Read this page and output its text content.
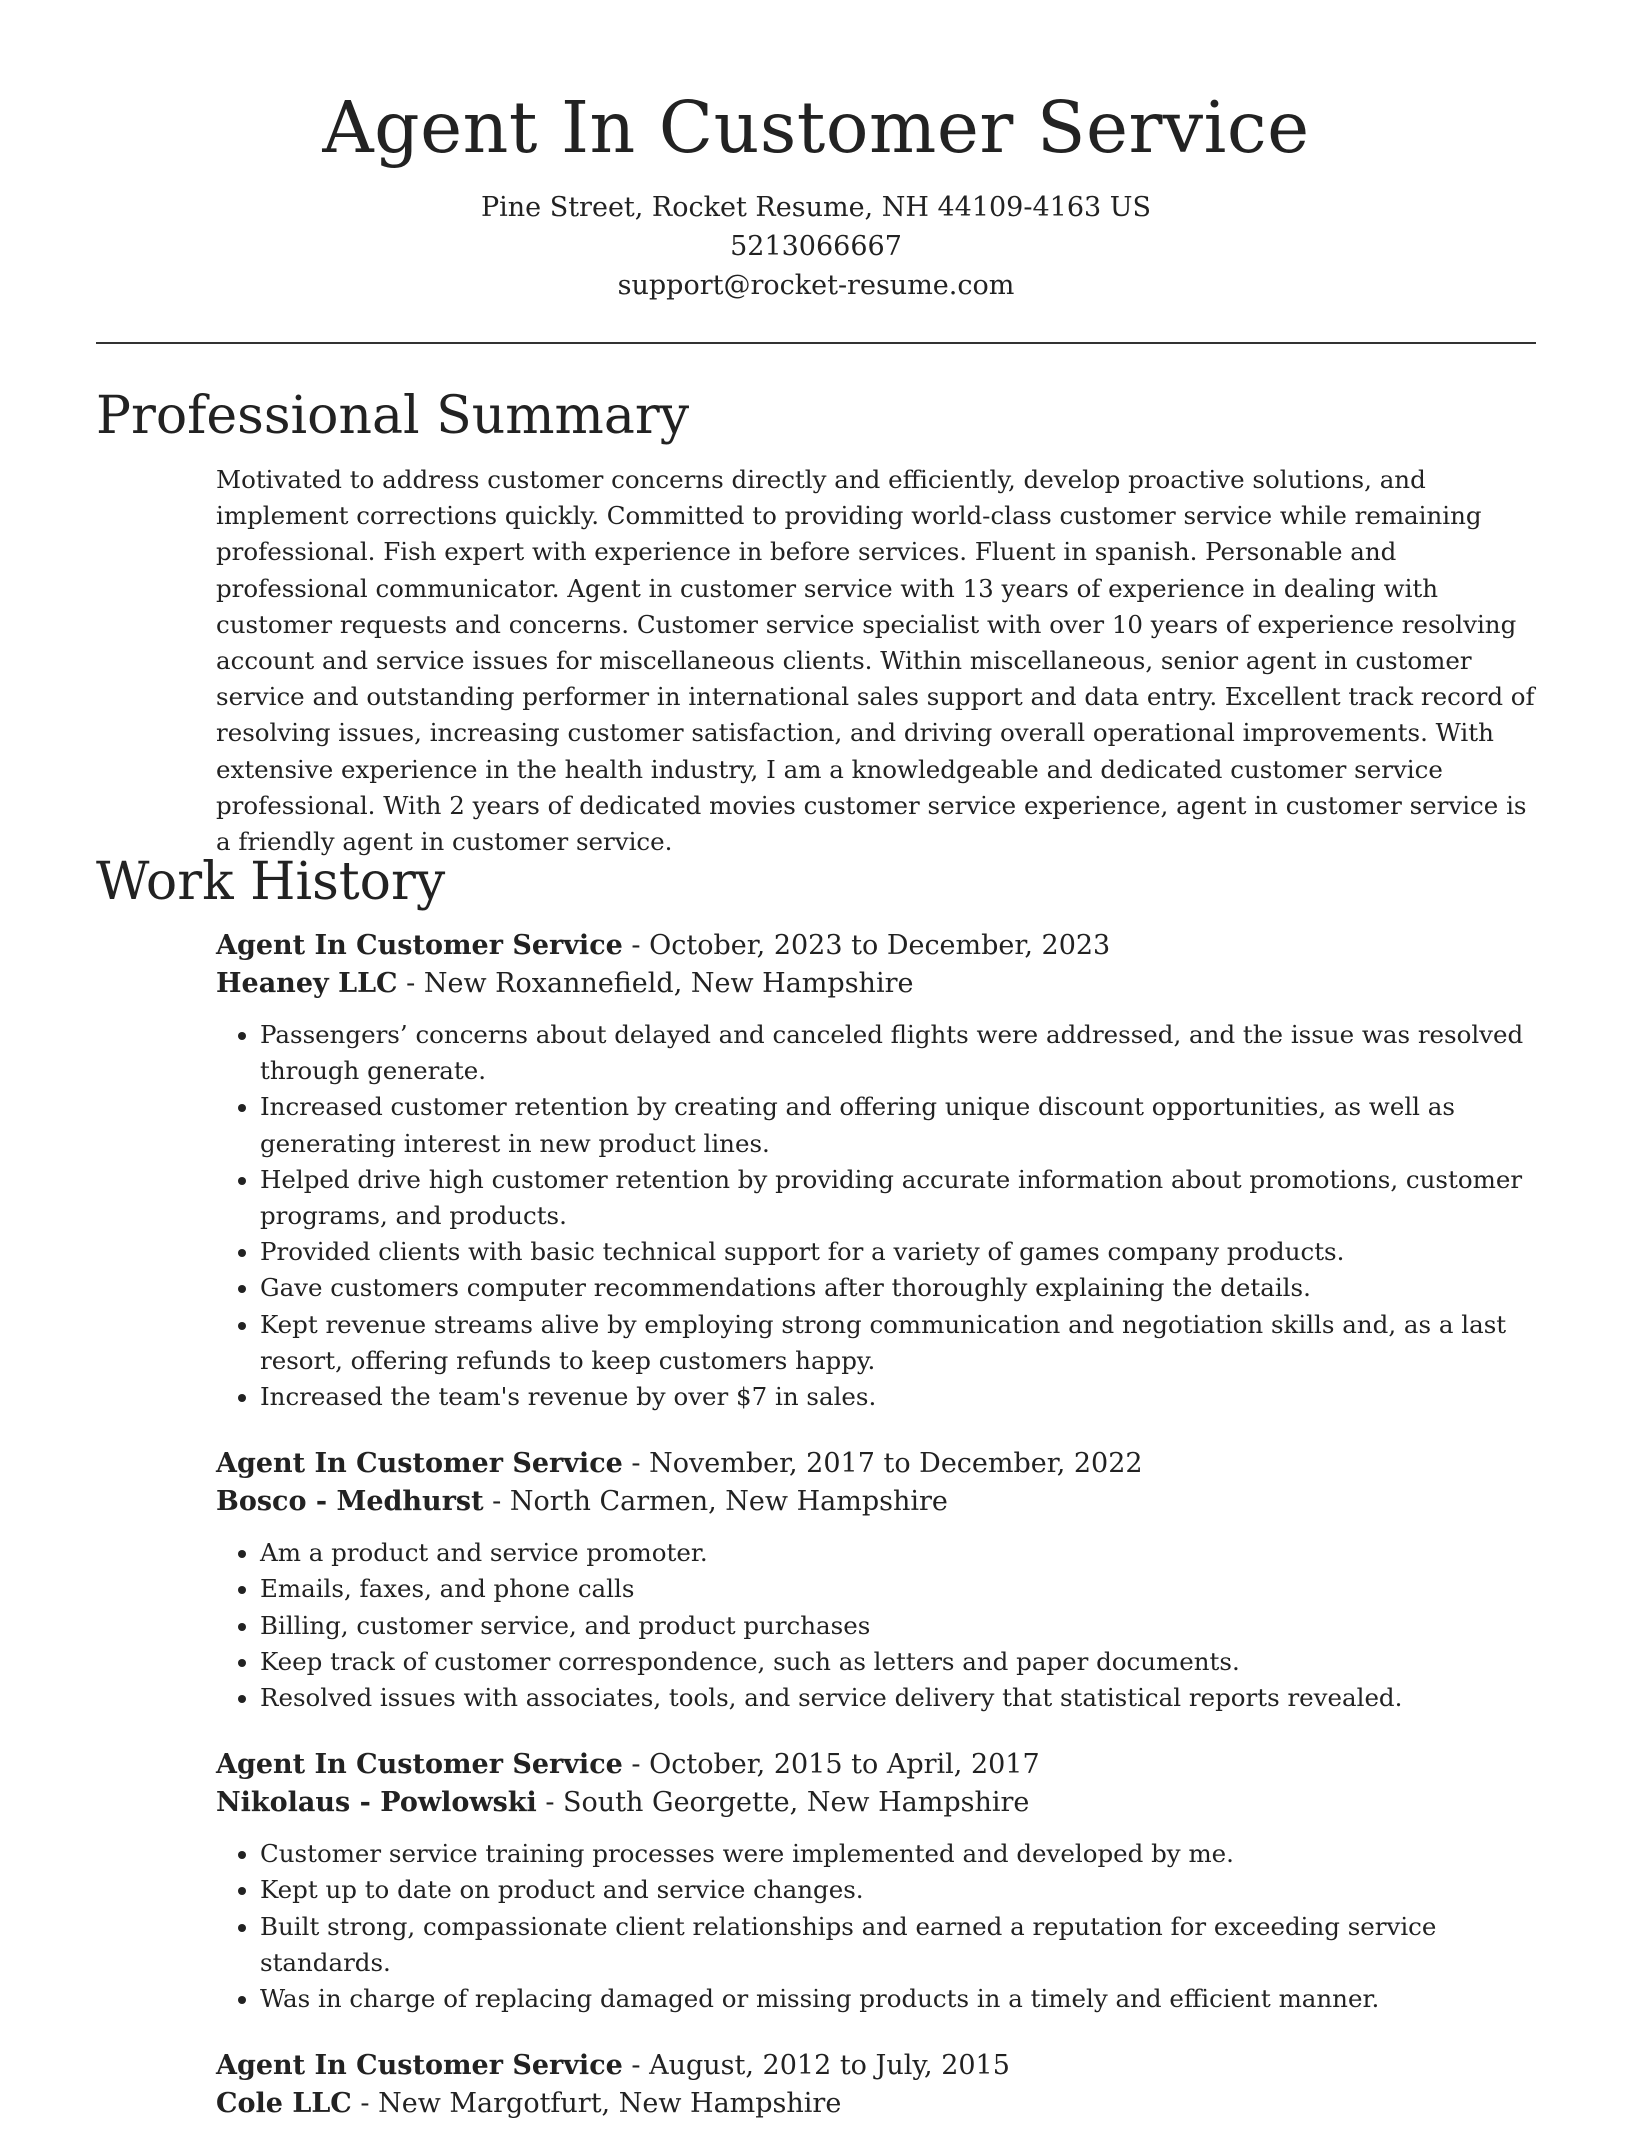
Agent In Customer Service

Pine Street, Rocket Resume, NH 44109-4163 US

5213066667

support@rocket-resume.com

Professional Summary

Motivated to address customer concerns directly and efficiently, develop proactive solutions, and implement corrections quickly. Committed to providing world-class customer service while remaining professional. Fish expert with experience in before services. Fluent in spanish. Personable and professional communicator. Agent in customer service with 13 years of experience in dealing with customer requests and concerns. Customer service specialist with over 10 years of experience resolving account and service issues for miscellaneous clients. Within miscellaneous, senior agent in customer service and outstanding performer in international sales support and data entry. Excellent track record of resolving issues, increasing customer satisfaction, and driving overall operational improvements. With extensive experience in the health industry, I am a knowledgeable and dedicated customer service professional. With 2 years of dedicated movies customer service experience, agent in customer service is a friendly agent in customer service.

Work History

Agent In Customer Service - October, 2023 to December, 2023

Heaney LLC - New Roxannefield, New Hampshire

• Passengers’ concerns about delayed and canceled flights were addressed, and the issue was resolved through generate.
• Increased customer retention by creating and offering unique discount opportunities, as well as generating interest in new product lines.
• Helped drive high customer retention by providing accurate information about promotions, customer programs, and products.
• Provided clients with basic technical support for a variety of games company products.
• Gave customers computer recommendations after thoroughly explaining the details.
• Kept revenue streams alive by employing strong communication and negotiation skills and, as a last resort, offering refunds to keep customers happy.
• Increased the team's revenue by over $7 in sales.

Agent In Customer Service - November, 2017 to December, 2022

Bosco - Medhurst - North Carmen, New Hampshire

• Am a product and service promoter.
• Emails, faxes, and phone calls
• Billing, customer service, and product purchases
• Keep track of customer correspondence, such as letters and paper documents.
• Resolved issues with associates, tools, and service delivery that statistical reports revealed.

Agent In Customer Service - October, 2015 to April, 2017

Nikolaus - Powlowski - South Georgette, New Hampshire

• Customer service training processes were implemented and developed by me.
• Kept up to date on product and service changes.
• Built strong, compassionate client relationships and earned a reputation for exceeding service standards.
• Was in charge of replacing damaged or missing products in a timely and efficient manner.

Agent In Customer Service - August, 2012 to July, 2015

Cole LLC - New Margotfurt, New Hampshire
